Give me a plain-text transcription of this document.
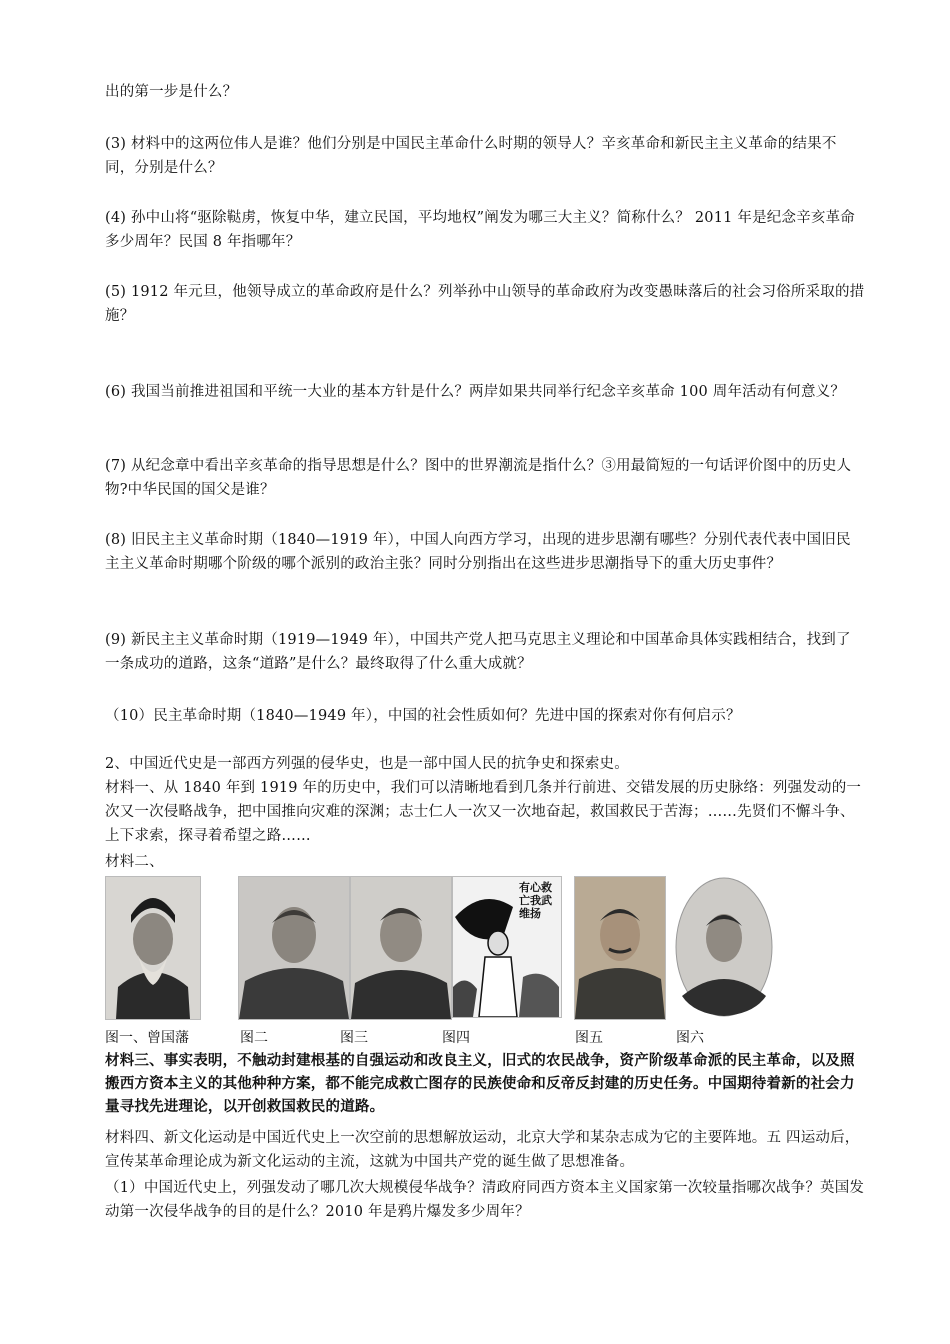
出的第一步是什么？

(3) 材料中的这两位伟人是谁？他们分别是中国民主革命什么时期的领导人？辛亥革命和新民主主义革命的结果不同，分别是什么？

(4) 孙中山将“驱除鞑虏，恢复中华，建立民国，平均地权”阐发为哪三大主义？简称什么？ 2011 年是纪念辛亥革命多少周年？民国 8 年指哪年？

(5) 1912 年元旦，他领导成立的革命政府是什么？列举孙中山领导的革命政府为改变愚昧落后的社会习俗所采取的措施？

(6) 我国当前推进祖国和平统一大业的基本方针是什么？两岸如果共同举行纪念辛亥革命 100 周年活动有何意义？

(7) 从纪念章中看出辛亥革命的指导思想是什么？图中的世界潮流是指什么？③用最简短的一句话评价图中的历史人物?中华民国的国父是谁？

(8) 旧民主主义革命时期（1840—1919 年），中国人向西方学习，出现的进步思潮有哪些？分别代表代表中国旧民主主义革命时期哪个阶级的哪个派别的政治主张？同时分别指出在这些进步思潮指导下的重大历史事件？

(9) 新民主主义革命时期（1919—1949 年），中国共产党人把马克思主义理论和中国革命具体实践相结合，找到了一条成功的道路，这条“道路”是什么？最终取得了什么重大成就？

（10）民主革命时期（1840—1949 年），中国的社会性质如何？先进中国的探索对你有何启示？

2、中国近代史是一部西方列强的侵华史，也是一部中国人民的抗争史和探索史。

材料一、从 1840 年到 1919 年的历史中，我们可以清晰地看到几条并行前进、交错发展的历史脉络：列强发动的一次又一次侵略战争，把中国推向灾难的深渊；志士仁人一次又一次地奋起，救国救民于苦海；……先贤们不懈斗争、上下求索，探寻着希望之路……

材料二、

有心救亡我武维扬
图一、曾国藩	图二	图三	图四	图五	图六

材料三、事实表明，不触动封建根基的自强运动和改良主义，旧式的农民战争，资产阶级革命派的民主革命，以及照搬西方资本主义的其他种种方案，都不能完成救亡图存的民族使命和反帝反封建的历史任务。中国期待着新的社会力量寻找先进理论，以开创救国救民的道路。

材料四、新文化运动是中国近代史上一次空前的思想解放运动，北京大学和某杂志成为它的主要阵地。五 四运动后，宣传某革命理论成为新文化运动的主流，这就为中国共产党的诞生做了思想准备。

（1）中国近代史上，列强发动了哪几次大规模侵华战争？清政府同西方资本主义国家第一次较量指哪次战争？英国发动第一次侵华战争的目的是什么？2010 年是鸦片爆发多少周年？
